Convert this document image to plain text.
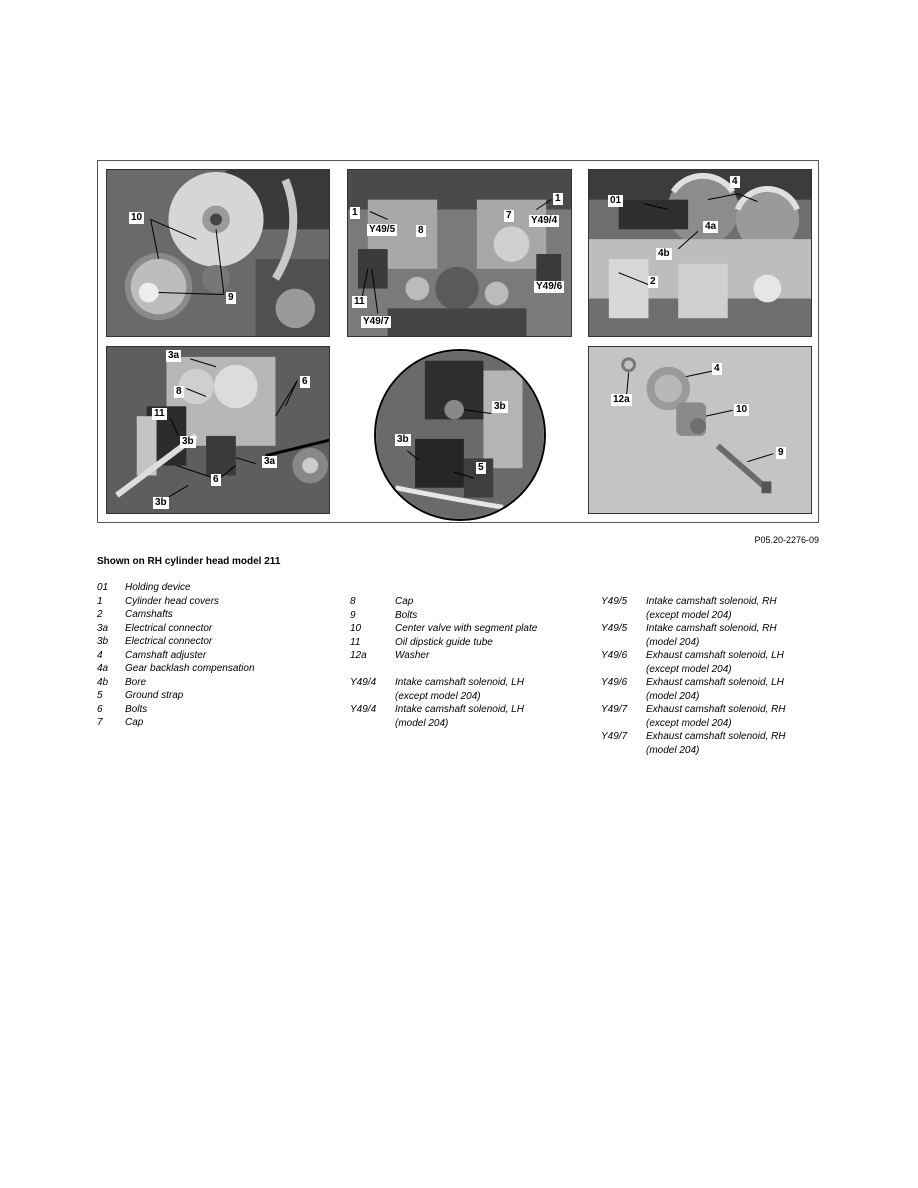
10
9
1
1
Y49/5 8
7 Y49/4
11
Y49/6
Y49/7
4
01
4a
4b
2
3a
6
8
11
3b
3a
6
3b
3b
3b
5
4
12a
10
9
P05.20-2276-09
Shown on RH cylinder head model 211
01	Holding device
1	Cylinder head covers
2	Camshafts
3a	Electrical connector
3b	Electrical connector
4	Camshaft adjuster
4a	Gear backlash compensation
4b	Bore
5	Ground strap
6	Bolts
7	Cap
8	Cap
9	Bolts
10	Center valve with segment plate
11	Oil dipstick guide tube
12a	Washer
Y49/4	Intake camshaft solenoid, LH
(except model 204)
Y49/4	Intake camshaft solenoid, LH
(model 204)
Y49/5	Intake camshaft solenoid, RH
(except model 204)
Y49/5	Intake camshaft solenoid, RH
(model 204)
Y49/6	Exhaust camshaft solenoid, LH
(except model 204)
Y49/6	Exhaust camshaft solenoid, LH
(model 204)
Y49/7	Exhaust camshaft solenoid, RH
(except model 204)
Y49/7	Exhaust camshaft solenoid, RH
(model 204)
